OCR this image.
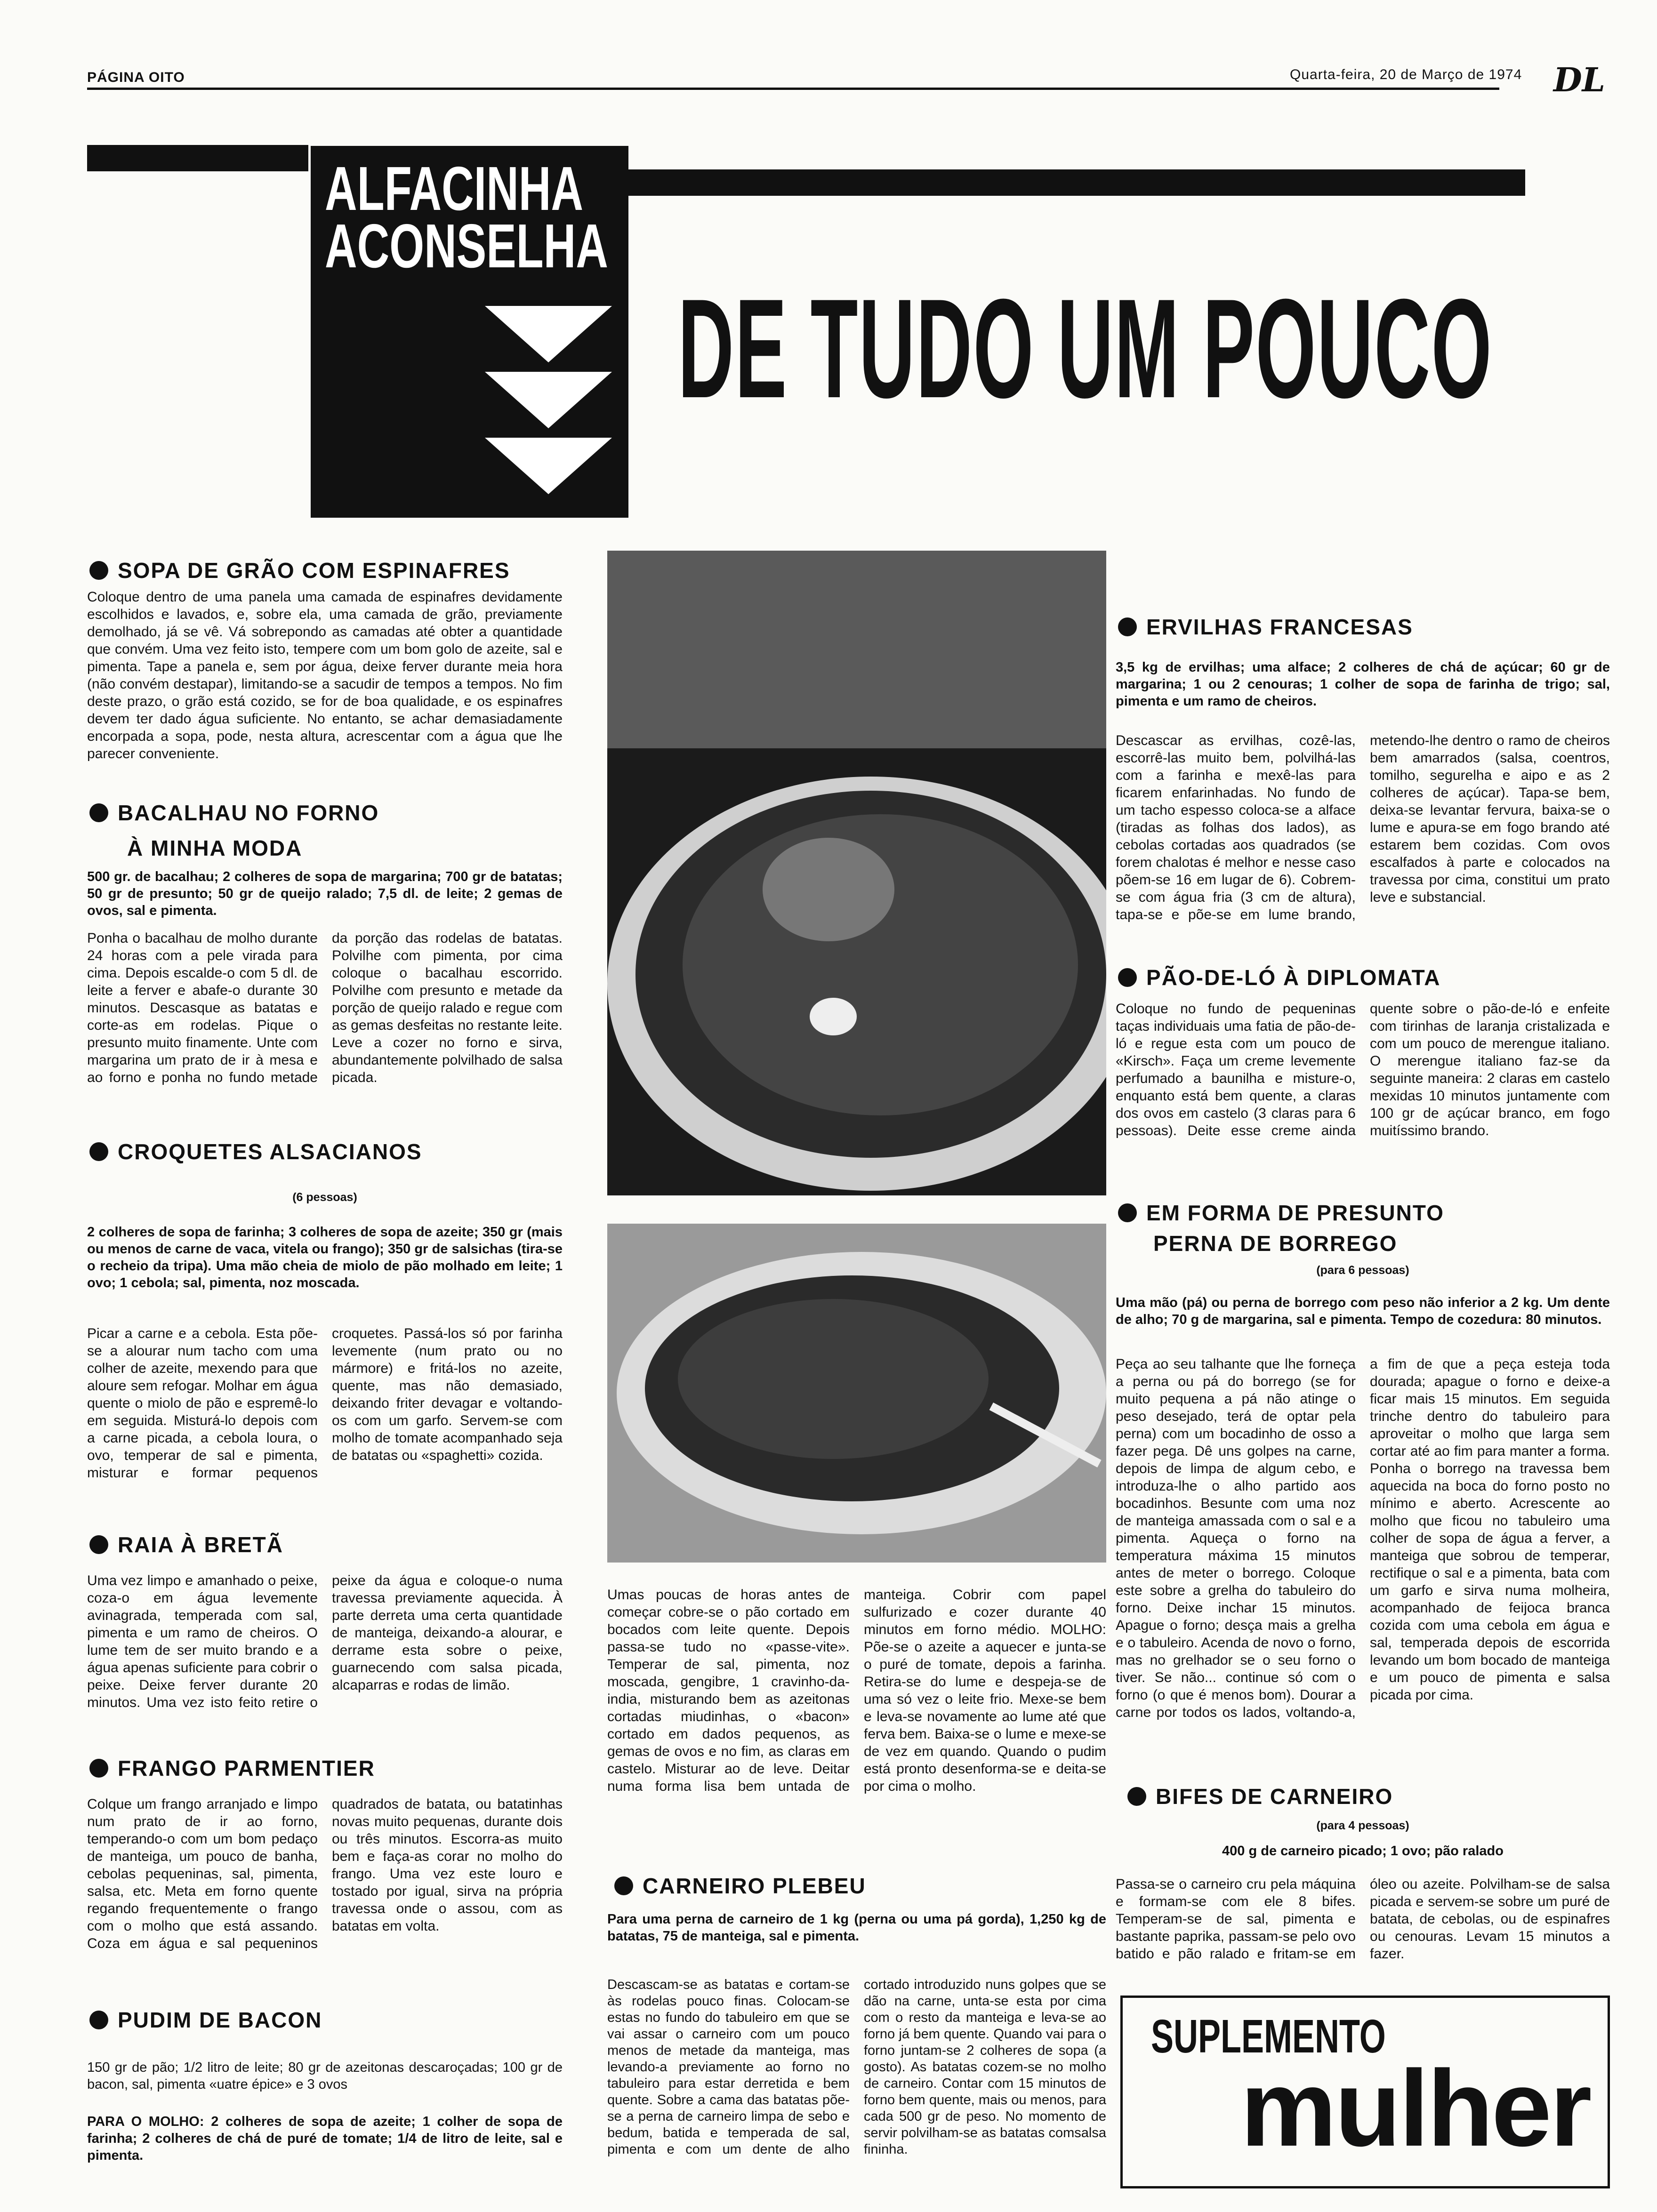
PÁGINA OITO	Quarta-feira, 20 de Março de 1974 DL
ALFACINHA
ACONSELHA
DE TUDO UM POUCO
SOPA DE GRÃO COM ESPINAFRES
Coloque dentro de uma panela uma camada de espinafres devidamente escolhidos e lavados, e, sobre ela, uma camada de grão, previamente demolhado, já se vê. Vá sobrepondo as camadas até obter a quantidade que convém. Uma vez feito isto, tempere com um bom golo de azeite, sal e pimenta. Tape a panela e, sem por água, deixe ferver durante meia hora (não convém destapar), limitando-se a sacudir de tempos a tempos. No fim deste prazo, o grão está cozido, se for de boa qualidade, e os espinafres devem ter dado água suficiente. No entanto, se achar demasiadamente encorpada a sopa, pode, nesta altura, acrescentar com a água que lhe parecer conveniente.
BACALHAU NO FORNO
À MINHA MODA
500 gr. de bacalhau; 2 colheres de sopa de margarina; 700 gr de batatas; 50 gr de presunto; 50 gr de queijo ralado; 7,5 dl. de leite; 2 gemas de ovos, sal e pimenta.
Ponha o bacalhau de molho durante 24 horas com a pele virada para cima. Depois escalde-o com 5 dl. de leite a ferver e abafe-o durante 30 minutos. Descasque as batatas e corte-as em rodelas. Pique o presunto muito finamente. Unte com margarina um prato de ir à mesa e ao forno e ponha no fundo metade da porção das rodelas de batatas. Polvilhe com pimenta, por cima coloque o bacalhau escorrido. Polvilhe com presunto e metade da porção de queijo ralado e regue com as gemas desfeitas no restante leite. Leve a cozer no forno e sirva, abundantemente polvilhado de salsa picada.
CROQUETES ALSACIANOS
(6 pessoas)
2 colheres de sopa de farinha; 3 colheres de sopa de azeite; 350 gr (mais ou menos de carne de vaca, vitela ou frango); 350 gr de salsichas (tira-se o recheio da tripa). Uma mão cheia de miolo de pão molhado em leite; 1 ovo; 1 cebola; sal, pimenta, noz moscada.
Picar a carne e a cebola. Esta põe-se a alourar num tacho com uma colher de azeite, mexendo para que aloure sem refogar. Molhar em água quente o miolo de pão e espremê-lo em seguida. Misturá-lo depois com a carne picada, a cebola loura, o ovo, temperar de sal e pimenta, misturar e formar pequenos croquetes. Passá-los só por farinha levemente (num prato ou no mármore) e fritá-los no azeite, quente, mas não demasiado, deixando friter devagar e voltando-os com um garfo. Servem-se com molho de tomate acompanhado seja de batatas ou «spaghetti» cozida.
RAIA À BRETÃ
Uma vez limpo e amanhado o peixe, coza-o em água levemente avinagrada, temperada com sal, pimenta e um ramo de cheiros. O lume tem de ser muito brando e a água apenas suficiente para cobrir o peixe. Deixe ferver durante 20 minutos. Uma vez isto feito retire o peixe da água e coloque-o numa travessa previamente aquecida. À parte derreta uma certa quantidade de manteiga, deixando-a alourar, e derrame esta sobre o peixe, guarnecendo com salsa picada, alcaparras e rodas de limão.
FRANGO PARMENTIER
Colque um frango arranjado e limpo num prato de ir ao forno, temperando-o com um bom pedaço de manteiga, um pouco de banha, cebolas pequeninas, sal, pimenta, salsa, etc. Meta em forno quente regando frequentemente o frango com o molho que está assando. Coza em água e sal pequeninos quadrados de batata, ou batatinhas novas muito pequenas, durante dois ou três minutos. Escorra-as muito bem e faça-as corar no molho do frango. Uma vez este louro e tostado por igual, sirva na própria travessa onde o assou, com as batatas em volta.
PUDIM DE BACON
150 gr de pão; 1/2 litro de leite; 80 gr de azeitonas descaroçadas; 100 gr de bacon, sal, pimenta «uatre épice» e 3 ovos
PARA O MOLHO: 2 colheres de sopa de azeite; 1 colher de sopa de farinha; 2 colheres de chá de puré de tomate; 1/4 de litro de leite, sal e pimenta.
Umas poucas de horas antes de começar cobre-se o pão cortado em bocados com leite quente. Depois passa-se tudo no «passe-vite». Temperar de sal, pimenta, noz moscada, gengibre, 1 cravinho-da-india, misturando bem as azeitonas cortadas miudinhas, o «bacon» cortado em dados pequenos, as gemas de ovos e no fim, as claras em castelo. Misturar ao de leve. Deitar numa forma lisa bem untada de manteiga. Cobrir com papel sulfurizado e cozer durante 40 minutos em forno médio. MOLHO: Põe-se o azeite a aquecer e junta-se o puré de tomate, depois a farinha. Retira-se do lume e despeja-se de uma só vez o leite frio. Mexe-se bem e leva-se novamente ao lume até que ferva bem. Baixa-se o lume e mexe-se de vez em quando. Quando o pudim está pronto desenforma-se e deita-se por cima o molho.
CARNEIRO PLEBEU
Para uma perna de carneiro de 1 kg (perna ou uma pá gorda), 1,250 kg de batatas, 75 de manteiga, sal e pimenta.
Descascam-se as batatas e cortam-se às rodelas pouco finas. Colocam-se estas no fundo do tabuleiro em que se vai assar o carneiro com um pouco menos de metade da manteiga, mas levando-a previamente ao forno no tabuleiro para estar derretida e bem quente. Sobre a cama das batatas põe-se a perna de carneiro limpa de sebo e bedum, batida e temperada de sal, pimenta e com um dente de alho cortado introduzido nuns golpes que se dão na carne, unta-se esta por cima com o resto da manteiga e leva-se ao forno já bem quente. Quando vai para o forno juntam-se 2 colheres de sopa (a gosto). As batatas cozem-se no molho de carneiro. Contar com 15 minutos de forno bem quente, mais ou menos, para cada 500 gr de peso. No momento de servir polvilham-se as batatas comsalsa fininha.
ERVILHAS FRANCESAS
3,5 kg de ervilhas; uma alface; 2 colheres de chá de açúcar; 60 gr de margarina; 1 ou 2 cenouras; 1 colher de sopa de farinha de trigo; sal, pimenta e um ramo de cheiros.
Descascar as ervilhas, cozê-las, escorrê-las muito bem, polvilhá-las com a farinha e mexê-las para ficarem enfarinhadas. No fundo de um tacho espesso coloca-se a alface (tiradas as folhas dos lados), as cebolas cortadas aos quadrados (se forem chalotas é melhor e nesse caso põem-se 16 em lugar de 6). Cobrem-se com água fria (3 cm de altura), tapa-se e põe-se em lume brando, metendo-lhe dentro o ramo de cheiros bem amarrados (salsa, coentros, tomilho, segurelha e aipo e as 2 colheres de açúcar). Tapa-se bem, deixa-se levantar fervura, baixa-se o lume e apura-se em fogo brando até estarem bem cozidas. Com ovos escalfados à parte e colocados na travessa por cima, constitui um prato leve e substancial.
PÃO-DE-LÓ À DIPLOMATA
Coloque no fundo de pequeninas taças individuais uma fatia de pão-de-ló e regue esta com um pouco de «Kirsch». Faça um creme levemente perfumado a baunilha e misture-o, enquanto está bem quente, a claras dos ovos em castelo (3 claras para 6 pessoas). Deite esse creme ainda quente sobre o pão-de-ló e enfeite com tirinhas de laranja cristalizada e com um pouco de merengue italiano. O merengue italiano faz-se da seguinte maneira: 2 claras em castelo mexidas 10 minutos juntamente com 100 gr de açúcar branco, em fogo muitíssimo brando.
EM FORMA DE PRESUNTO
PERNA DE BORREGO
(para 6 pessoas)
Uma mão (pá) ou perna de borrego com peso não inferior a 2 kg. Um dente de alho; 70 g de margarina, sal e pimenta. Tempo de cozedura: 80 minutos.
Peça ao seu talhante que lhe forneça a perna ou pá do borrego (se for muito pequena a pá não atinge o peso desejado, terá de optar pela perna) com um bocadinho de osso a fazer pega. Dê uns golpes na carne, depois de limpa de algum cebo, e introduza-lhe o alho partido aos bocadinhos. Besunte com uma noz de manteiga amassada com o sal e a pimenta. Aqueça o forno na temperatura máxima 15 minutos antes de meter o borrego. Coloque este sobre a grelha do tabuleiro do forno. Deixe inchar 15 minutos. Apague o forno; desça mais a grelha e o tabuleiro. Acenda de novo o forno, mas no grelhador se o seu forno o tiver. Se não... continue só com o forno (o que é menos bom). Dourar a carne por todos os lados, voltando-a, a fim de que a peça esteja toda dourada; apague o forno e deixe-a ficar mais 15 minutos. Em seguida trinche dentro do tabuleiro para aproveitar o molho que larga sem cortar até ao fim para manter a forma. Ponha o borrego na travessa bem aquecida na boca do forno posto no mínimo e aberto. Acrescente ao molho que ficou no tabuleiro uma colher de sopa de água a ferver, a manteiga que sobrou de temperar, rectifique o sal e a pimenta, bata com um garfo e sirva numa molheira, acompanhado de feijoca branca cozida com uma cebola em água e sal, temperada depois de escorrida levando um bom bocado de manteiga e um pouco de pimenta e salsa picada por cima.
BIFES DE CARNEIRO
(para 4 pessoas)
400 g de carneiro picado; 1 ovo; pão ralado
Passa-se o carneiro cru pela máquina e formam-se com ele 8 bifes. Temperam-se de sal, pimenta e bastante paprika, passam-se pelo ovo batido e pão ralado e fritam-se em óleo ou azeite. Polvilham-se de salsa picada e servem-se sobre um puré de batata, de cebolas, ou de espinafres ou cenouras. Levam 15 minutos a fazer.
SUPLEMENTO
mulher
